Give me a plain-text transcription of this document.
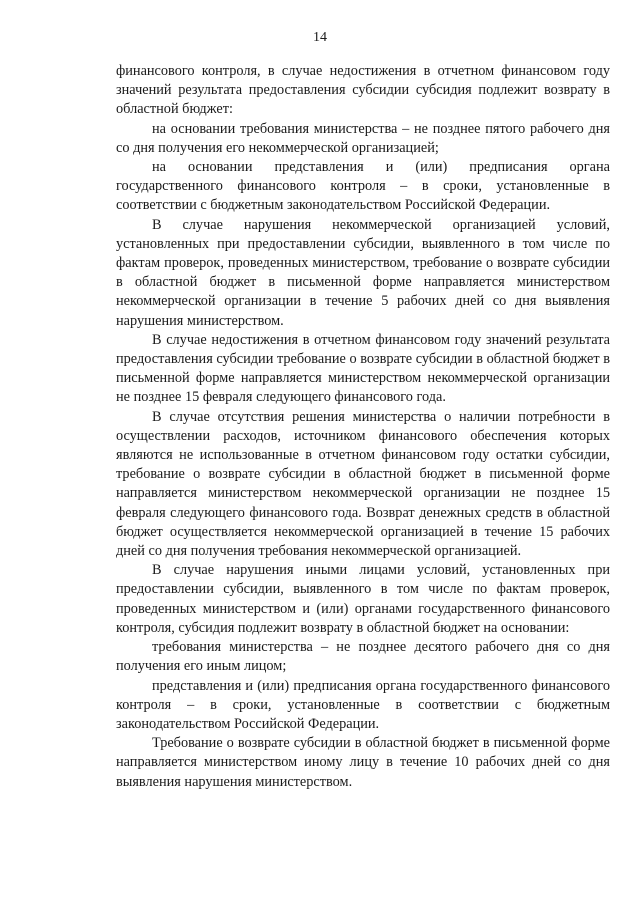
14

финансового контроля, в случае недостижения в отчетном финансовом году значений результата предоставления субсидии субсидия подлежит возврату в областной бюджет:

на основании требования министерства – не позднее пятого рабочего дня со дня получения его некоммерческой организацией;

на основании представления и (или) предписания органа государственного финансового контроля – в сроки, установленные в соответствии с бюджетным законодательством Российской Федерации.

В случае нарушения некоммерческой организацией условий, установленных при предоставлении субсидии, выявленного в том числе по фактам проверок, проведенных министерством, требование о возврате субсидии в областной бюджет в письменной форме направляется министерством некоммерческой организации в течение 5 рабочих дней со дня выявления нарушения министерством.

В случае недостижения в отчетном финансовом году значений результата предоставления субсидии требование о возврате субсидии в областной бюджет в письменной форме направляется министерством некоммерческой организации не позднее 15 февраля следующего финансового года.

В случае отсутствия решения министерства о наличии потребности в осуществлении расходов, источником финансового обеспечения которых являются не использованные в отчетном финансовом году остатки субсидии, требование о возврате субсидии в областной бюджет в письменной форме направляется министерством некоммерческой организации не позднее 15 февраля следующего финансового года. Возврат денежных средств в областной бюджет осуществляется некоммерческой организацией в течение 15 рабочих дней со дня получения требования некоммерческой организацией.

В случае нарушения иными лицами условий, установленных при предоставлении субсидии, выявленного в том числе по фактам проверок, проведенных министерством и (или) органами государственного финансового контроля, субсидия подлежит возврату в областной бюджет на основании:

требования министерства – не позднее десятого рабочего дня со дня получения его иным лицом;

представления и (или) предписания органа государственного финансового контроля – в сроки, установленные в соответствии с бюджетным законодательством Российской Федерации.

Требование о возврате субсидии в областной бюджет в письменной форме направляется министерством иному лицу в течение 10 рабочих дней со дня выявления нарушения министерством.
